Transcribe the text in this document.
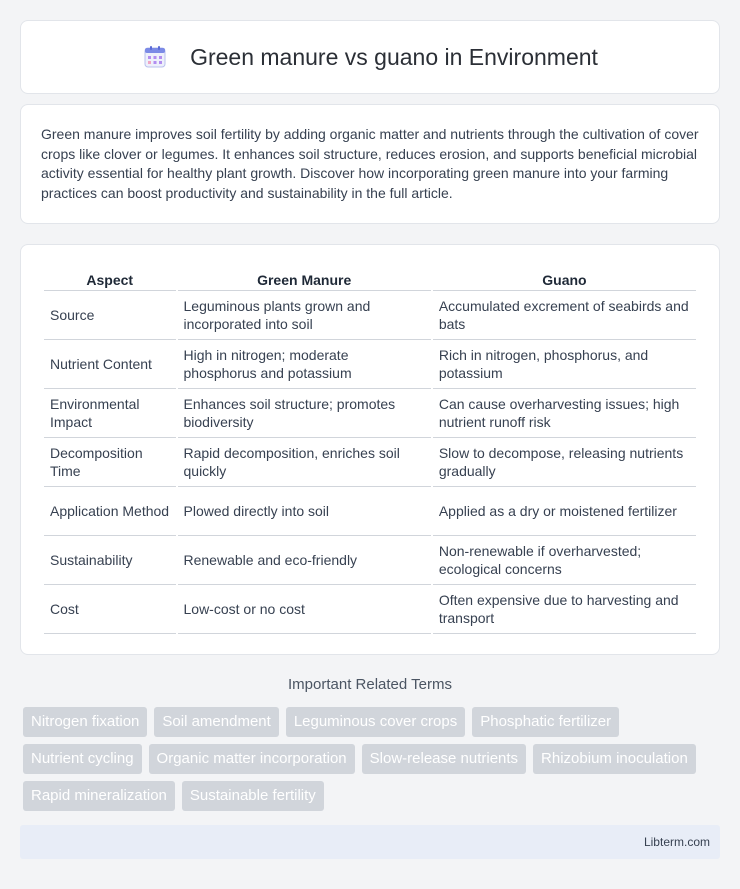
Green manure vs guano in Environment

Green manure improves soil fertility by adding organic matter and nutrients through the cultivation of cover crops like clover or legumes. It enhances soil structure, reduces erosion, and supports beneficial microbial activity essential for healthy plant growth. Discover how incorporating green manure into your farming practices can boost productivity and sustainability in the full article.

Aspect	Green Manure	Guano
Source	Leguminous plants grown and incorporated into soil	Accumulated excrement of seabirds and bats
Nutrient Content	High in nitrogen; moderate phosphorus and potassium	Rich in nitrogen, phosphorus, and potassium
Environmental Impact	Enhances soil structure; promotes biodiversity	Can cause overharvesting issues; high nutrient runoff risk
Decomposition Time	Rapid decomposition, enriches soil quickly	Slow to decompose, releasing nutrients gradually
Application Method	Plowed directly into soil	Applied as a dry or moistened fertilizer
Sustainability	Renewable and eco-friendly	Non-renewable if overharvested; ecological concerns
Cost	Low-cost or no cost	Often expensive due to harvesting and transport
Important Related Terms
Nitrogen fixation	Soil amendment	Leguminous cover crops	Phosphatic fertilizer
Nutrient cycling	Organic matter incorporation	Slow-release nutrients	Rhizobium inoculation
Rapid mineralization	Sustainable fertility
Libterm.com
